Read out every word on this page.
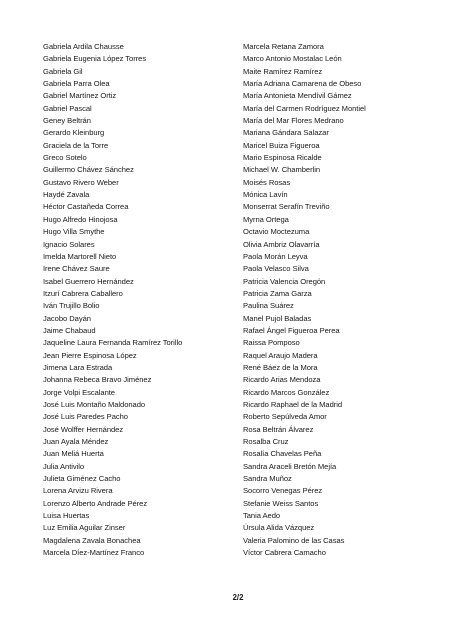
Gabriela Ardila Chausse
Gabriela Eugenia López Torres
Gabriela Gil
Gabriela Parra Olea
Gabriel Martínez Ortiz
Gabriel Pascal
Geney Beltrán
Gerardo Kleinburg
Graciela de la Torre
Greco Sotelo
Guillermo Chávez Sánchez
Gustavo Rivero Weber
Haydé Zavala
Héctor Castañeda Correa
Hugo Alfredo Hinojosa
Hugo Villa Smythe
Ignacio Solares
Imelda Martorell Nieto
Irene Chávez Saure
Isabel Guerrero Hernández
Itzurí Cabrera Caballero
Iván Trujillo Bolio
Jacobo Dayán
Jaime Chabaud
Jaqueline Laura Fernanda Ramírez Torillo
Jean Pierre Espinosa López
Jimena Lara Estrada
Johanna Rebeca Bravo Jiménez
Jorge Volpi Escalante
José Luis Montaño Maldonado
José Luis Paredes Pacho
José Wolffer Hernández
Juan Ayala Méndez
Juan Meliá Huerta
Julia Antivilo
Julieta Giménez Cacho
Lorena Arvizu Rivera
Lorenzo Alberto Andrade Pérez
Luisa Huertas
Luz Emilia Aguilar Zinser
Magdalena Zavala Bonachea
Marcela Díez-Martínez Franco
Marcela Retana Zamora
Marco Antonio Mostalac León
Maite Ramírez Ramírez
María Adriana Camarena de Obeso
María Antonieta Mendívil Gámez
María del Carmen Rodríguez Montiel
María del Mar Flores Medrano
Mariana Gándara Salazar
Maricel Buiza Figueroa
Mario Espinosa Ricalde
Michael W. Chamberlin
Moisés Rosas
Mónica Lavín
Monserrat Serafín Treviño
Myrna Ortega
Octavio Moctezuma
Olivia Ambriz Olavarría
Paola Morán Leyva
Paola Velasco Silva
Patricia Valencia Oregón
Patricia Zama Garza
Paulina Suárez
Manel Pujol Baladas
Rafael Ángel Figueroa Perea
Raissa Pomposo
Raquel Araujo Madera
René Báez de la Mora
Ricardo Arias Mendoza
Ricardo Marcos González
Ricardo Raphael de la Madrid
Roberto Sepúlveda Amor
Rosa Beltrán Álvarez
Rosalba Cruz
Rosalía Chavelas Peña
Sandra Araceli Bretón Mejía
Sandra Muñoz
Socorro Venegas Pérez
Stefanie Weiss Santos
Tania Aedo
Úrsula Alida Vázquez
Valeria Palomino de las Casas
Víctor Cabrera Camacho
2/2
